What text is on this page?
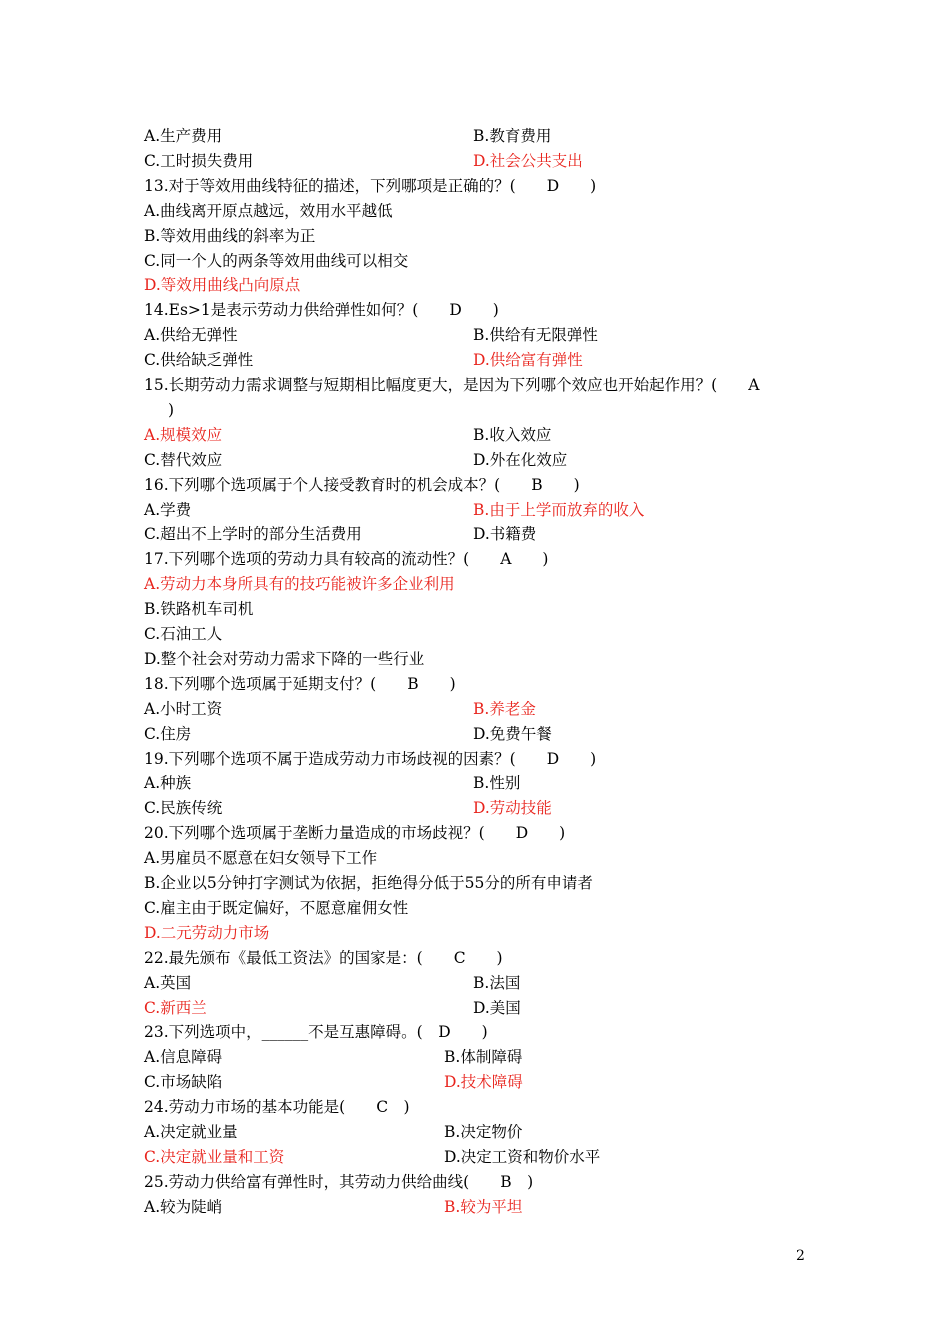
A.生产费用	B.教育费用
C.工时损失费用	D.社会公共支出
13.对于等效用曲线特征的描述，下列哪项是正确的？(　　D　　)
A.曲线离开原点越远，效用水平越低
B.等效用曲线的斜率为正
C.同一个人的两条等效用曲线可以相交
D.等效用曲线凸向原点
14.Es>1是表示劳动力供给弹性如何？(　　D　　)
A.供给无弹性	B.供给有无限弹性
C.供给缺乏弹性	D.供给富有弹性
15.长期劳动力需求调整与短期相比幅度更大，是因为下列哪个效应也开始起作用？(　　A
)
A.规模效应	B.收入效应
C.替代效应	D.外在化效应
16.下列哪个选项属于个人接受教育时的机会成本？(　　B　　)
A.学费	B.由于上学而放弃的收入
C.超出不上学时的部分生活费用	D.书籍费
17.下列哪个选项的劳动力具有较高的流动性？(　　A　　)
A.劳动力本身所具有的技巧能被许多企业利用
B.铁路机车司机
C.石油工人
D.整个社会对劳动力需求下降的一些行业
18.下列哪个选项属于延期支付？(　　B　　)
A.小时工资	B.养老金
C.住房	D.免费午餐
19.下列哪个选项不属于造成劳动力市场歧视的因素？(　　D　　)
A.种族	B.性别
C.民族传统	D.劳动技能
20.下列哪个选项属于垄断力量造成的市场歧视？(　　D　　)
A.男雇员不愿意在妇女领导下工作
B.企业以5分钟打字测试为依据，拒绝得分低于55分的所有申请者
C.雇主由于既定偏好，不愿意雇佣女性
D.二元劳动力市场
22.最先颁布《最低工资法》的国家是：(　　C　　)
A.英国	B.法国
C.新西兰	D.美国
23.下列选项中，______不是互惠障碍。(　D　　)
A.信息障碍	B.体制障碍
C.市场缺陷	D.技术障碍
24.劳动力市场的基本功能是(　　C　)
A.决定就业量	B.决定物价
C.决定就业量和工资	D.决定工资和物价水平
25.劳动力供给富有弹性时，其劳动力供给曲线(　　B　)
A.较为陡峭	B.较为平坦
2
